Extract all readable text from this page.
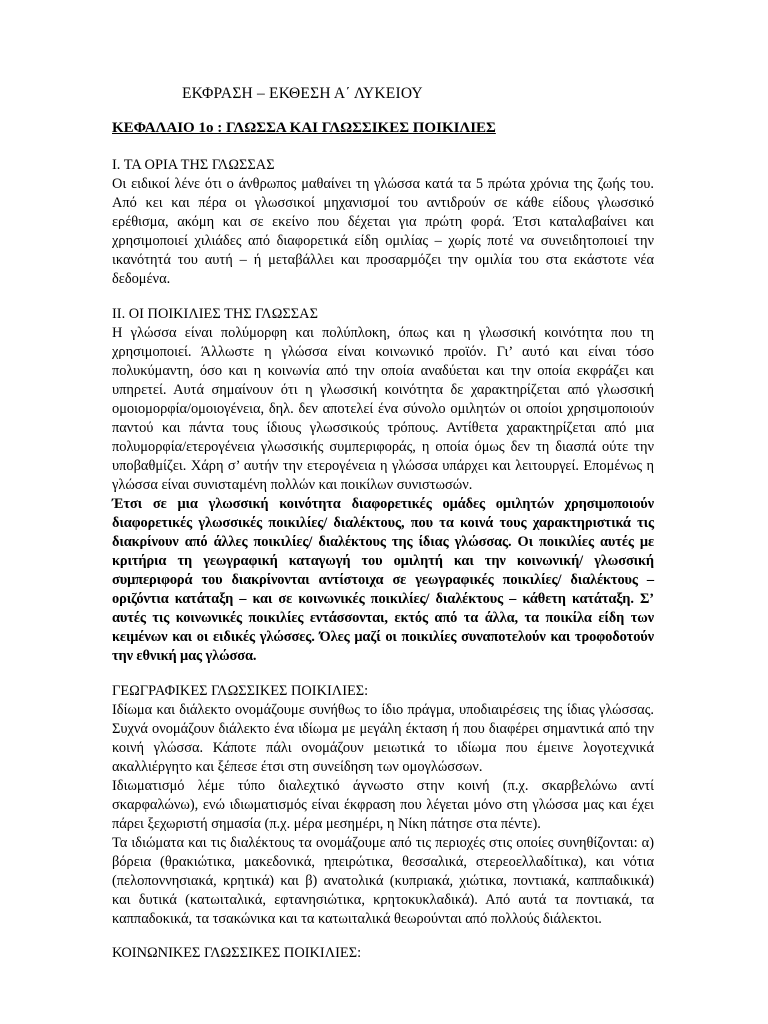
ΕΚΦΡΑΣΗ – ΕΚΘΕΣΗ Α΄ ΛΥΚΕΙΟΥ
ΚΕΦΑΛΑΙΟ 1ο : ΓΛΩΣΣΑ ΚΑΙ ΓΛΩΣΣΙΚΕΣ ΠΟΙΚΙΛΙΕΣ
Ι. ΤΑ ΟΡΙΑ ΤΗΣ ΓΛΩΣΣΑΣ

Οι ειδικοί λένε ότι ο άνθρωπος μαθαίνει τη γλώσσα κατά τα 5 πρώτα χρόνια της ζωής του. Από κει και πέρα οι γλωσσικοί μηχανισμοί του αντιδρούν σε κάθε είδους γλωσσικό ερέθισμα, ακόμη και σε εκείνο που δέχεται για πρώτη φορά. Έτσι καταλαβαίνει και χρησιμοποιεί χιλιάδες από διαφορετικά είδη ομιλίας – χωρίς ποτέ να συνειδητοποιεί την ικανότητά του αυτή – ή μεταβάλλει και προσαρμόζει την ομιλία του στα εκάστοτε νέα δεδομένα.

ΙΙ. ΟΙ ΠΟΙΚΙΛΙΕΣ ΤΗΣ ΓΛΩΣΣΑΣ

Η γλώσσα είναι πολύμορφη και πολύπλοκη, όπως και η γλωσσική κοινότητα που τη χρησιμοποιεί. Άλλωστε η γλώσσα είναι κοινωνικό προϊόν. Γι’ αυτό και είναι τόσο πολυκύμαντη, όσο και η κοινωνία από την οποία αναδύεται και την οποία εκφράζει και υπηρετεί. Αυτά σημαίνουν ότι η γλωσσική κοινότητα δε χαρακτηρίζεται από γλωσσική ομοιομορφία/ομοιογένεια, δηλ. δεν αποτελεί ένα σύνολο ομιλητών οι οποίοι χρησιμοποιούν παντού και πάντα τους ίδιους γλωσσικούς τρόπους. Αντίθετα χαρακτηρίζεται από μια πολυμορφία/ετερογένεια γλωσσικής συμπεριφοράς, η οποία όμως δεν τη διασπά ούτε την υποβαθμίζει. Χάρη σ’ αυτήν την ετερογένεια η γλώσσα υπάρχει και λειτουργεί. Επομένως η γλώσσα είναι συνισταμένη πολλών και ποικίλων συνιστωσών.

Έτσι σε μια γλωσσική κοινότητα διαφορετικές ομάδες ομιλητών χρησιμοποιούν διαφορετικές γλωσσικές ποικιλίες/ διαλέκτους, που τα κοινά τους χαρακτηριστικά τις διακρίνουν από άλλες ποικιλίες/ διαλέκτους της ίδιας γλώσσας. Οι ποικιλίες αυτές με κριτήρια τη γεωγραφική καταγωγή του ομιλητή και την κοινωνική/ γλωσσική συμπεριφορά του διακρίνονται αντίστοιχα σε γεωγραφικές ποικιλίες/ διαλέκτους – οριζόντια κατάταξη – και σε κοινωνικές ποικιλίες/ διαλέκτους – κάθετη κατάταξη. Σ’ αυτές τις κοινωνικές ποικιλίες εντάσσονται, εκτός από τα άλλα, τα ποικίλα είδη των κειμένων και οι ειδικές γλώσσες. Όλες μαζί οι ποικιλίες συναποτελούν και τροφοδοτούν την εθνική μας γλώσσα.

ΓΕΩΓΡΑΦΙΚΕΣ ΓΛΩΣΣΙΚΕΣ ΠΟΙΚΙΛΙΕΣ:

Ιδίωμα και διάλεκτο ονομάζουμε συνήθως το ίδιο πράγμα, υποδιαιρέσεις της ίδιας γλώσσας. Συχνά ονομάζουν διάλεκτο ένα ιδίωμα με μεγάλη έκταση ή που διαφέρει σημαντικά από την κοινή γλώσσα. Κάποτε πάλι ονομάζουν μειωτικά το ιδίωμα που έμεινε λογοτεχνικά ακαλλιέργητο και ξέπεσε έτσι στη συνείδηση των ομογλώσσων.

Ιδιωματισμό λέμε τύπο διαλεχτικό άγνωστο στην κοινή (π.χ. σκαρβελώνω αντί σκαρφαλώνω), ενώ ιδιωματισμός είναι έκφραση που λέγεται μόνο στη γλώσσα μας και έχει πάρει ξεχωριστή σημασία (π.χ. μέρα μεσημέρι, η Νίκη πάτησε στα πέντε).

Τα ιδιώματα και τις διαλέκτους τα ονομάζουμε από τις περιοχές στις οποίες συνηθίζονται: α) βόρεια (θρακιώτικα, μακεδονικά, ηπειρώτικα, θεσσαλικά, στερεοελλαδίτικα), και νότια (πελοποννησιακά, κρητικά) και β) ανατολικά (κυπριακά, χιώτικα, ποντιακά, καππαδικικά) και δυτικά (κατωιταλικά, εφτανησιώτικα, κρητοκυκλαδικά). Από αυτά τα ποντιακά, τα καππαδοκικά, τα τσακώνικα και τα κατωιταλικά θεωρούνται από πολλούς διάλεκτοι.

ΚΟΙΝΩΝΙΚΕΣ ΓΛΩΣΣΙΚΕΣ ΠΟΙΚΙΛΙΕΣ:
